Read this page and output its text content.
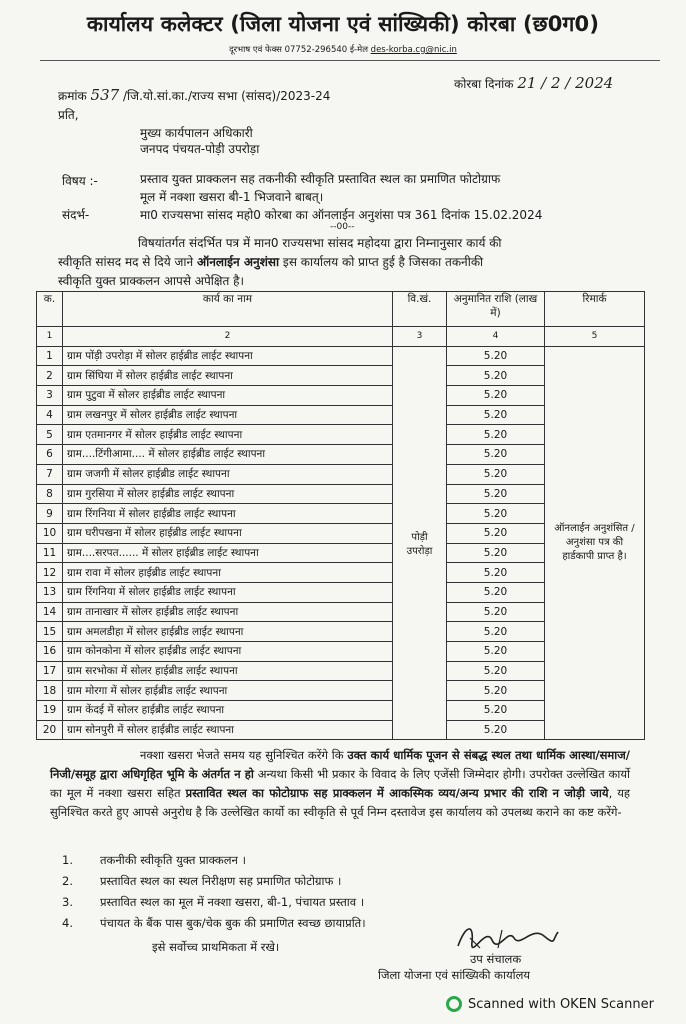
कार्यालय कलेक्टर (जिला योजना एवं सांख्यिकी) कोरबा (छ0ग0)
दूरभाष एवं फेक्स 07752-296540 ई-मेल des-korba.cg@nic.in
क्रमांक 537 /जि.यो.सां.का./राज्य सभा (सांसद)/2023-24
कोरबा दिनांक 21 / 2 / 2024
प्रति,
मुख्य कार्यपालन अधिकारी
जनपद पंचयत-पोड़ी उपरोड़ा
विषय :-	प्रस्ताव युक्त प्राक्कलन सह तकनीकी स्वीकृति प्रस्तावित स्थल का प्रमाणित फोटोग्राफ
मूल में नक्शा खसरा बी-1 भिजवाने बाबत्।
संदर्भ-	मा0 राज्यसभा सांसद महो0 कोरबा का ऑनलाईन अनुशंसा पत्र 361 दिनांक 15.02.2024
--00--
विषयांतर्गत संदर्भित पत्र में मान0 राज्यसभा सांसद महोदया द्वारा निम्नानुसार कार्य की
स्वीकृति सांसद मद से दिये जाने ऑनलाईन अनुशंसा इस कार्यालय को प्राप्त हुई है जिसका तकनीकी
स्वीकृति युक्त प्राक्कलन आपसे अपेक्षित है।
क.	कार्य का नाम	वि.खं.	अनुमानित राशि (लाख में)	रिमार्क
1	2	3	4	5
1	ग्राम पोंड़ी उपरोड़ा में सोलर हाईब्रीड लाईट स्थापना	पोड़ी उपरोड़ा	5.20	ऑनलाईन अनुशंसित /अनुशंसा पत्र की हार्डकापी प्राप्त है।
2	ग्राम सिंघिया में सोलर हाईब्रीड लाईट स्थापना		5.20	
3	ग्राम पुटुवा में सोलर हाईब्रीड लाईट स्थापना		5.20	
4	ग्राम लखनपुर में सोलर हाईब्रीड लाईट स्थापना		5.20	
5	ग्राम एतमानगर में सोलर हाईब्रीड लाईट स्थापना		5.20	
6	ग्राम....टिंगीआमा.... में सोलर हाईब्रीड लाईट स्थापना		5.20	
7	ग्राम जजगी में सोलर हाईब्रीड लाईट स्थापना		5.20	
8	ग्राम गुरसिया में सोलर हाईब्रीड लाईट स्थापना		5.20	
9	ग्राम रिंगनिया में सोलर हाईब्रीड लाईट स्थापना		5.20	
10	ग्राम घरीपखना में सोलर हाईब्रीड लाईट स्थापना		5.20	
11	ग्राम....सरपत...... में सोलर हाईब्रीड लाईट स्थापना		5.20	
12	ग्राम रावा में सोलर हाईब्रीड लाईट स्थापना		5.20	
13	ग्राम रिंगनिया में सोलर हाईब्रीड लाईट स्थापना		5.20	
14	ग्राम तानाखार में सोलर हाईब्रीड लाईट स्थापना		5.20	
15	ग्राम अमलडीहा में सोलर हाईब्रीड लाईट स्थापना		5.20	
16	ग्राम कोनकोना में सोलर हाईब्रीड लाईट स्थापना		5.20	
17	ग्राम सरभोका में सोलर हाईब्रीड लाईट स्थापना		5.20	
18	ग्राम मोरगा में सोलर हाईब्रीड लाईट स्थापना		5.20	
19	ग्राम केंदई में सोलर हाईब्रीड लाईट स्थापना		5.20	
20	ग्राम सोनपुरी में सोलर हाईब्रीड लाईट स्थापना		5.20	
नक्शा खसरा भेजते समय यह सुनिश्चित करेंगे कि उक्त कार्य धार्मिक पूजन से संबद्ध स्थल तथा धार्मिक आस्था/समाज/निजी/समूह द्वारा अधिगृहित भूमि के अंतर्गत न हो अन्यथा किसी भी प्रकार के विवाद के लिए एजेंसी जिम्मेदार होगी। उपरोक्त उल्लेखित कार्यो का मूल में नक्शा खसरा सहित प्रस्तावित स्थल का फोटोग्राफ सह प्राक्कलन में आकस्मिक व्यय/अन्य प्रभार की राशि न जोड़ी जाये, यह सुनिश्चित करते हुए आपसे अनुरोध है कि उल्लेखित कार्यो का स्वीकृति से पूर्व निम्न दस्तावेज इस कार्यालय को उपलब्ध कराने का कष्ट करेंगे-
1. तकनीकी स्वीकृति युक्त प्राक्कलन ।
2. प्रस्तावित स्थल का स्थल निरीक्षण सह प्रमाणित फोटोग्राफ ।
3. प्रस्तावित स्थल का मूल में नक्शा खसरा, बी-1, पंचायत प्रस्ताव ।
4. पंचायत के बैंक पास बुक/चेक बुक की प्रमाणित स्वच्छ छायाप्रति।
इसे सर्वोच्च प्राथमिकता में रखे।
उप संचालक
जिला योजना एवं सांख्यिकी कार्यालय
Scanned with OKEN Scanner
